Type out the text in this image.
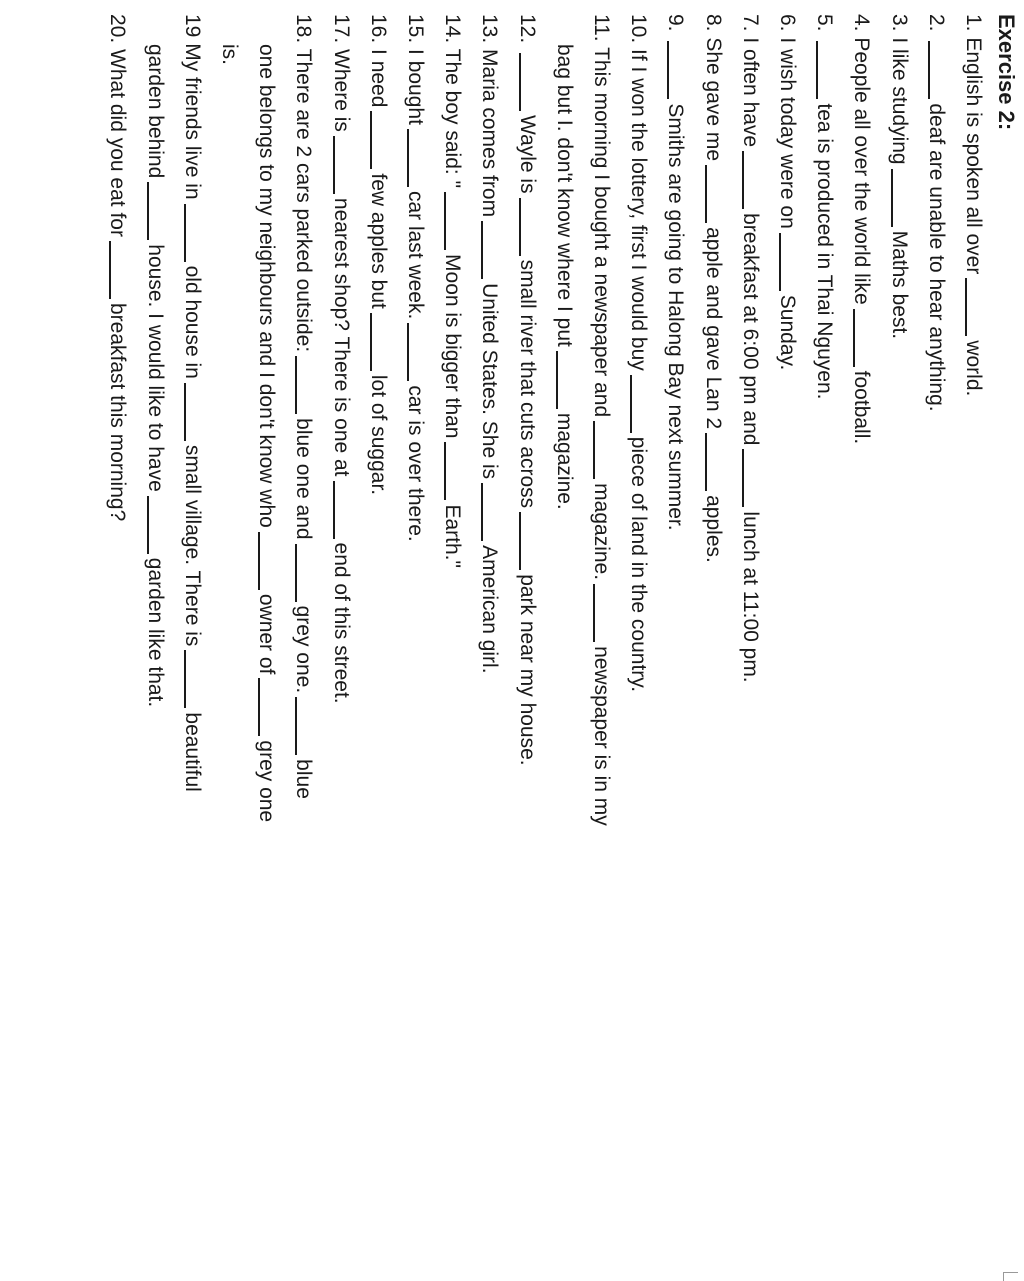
Exercise 2:
1. English is spoken all overworld.
2. deaf are unable to hear anything.
3. I like studyingMaths best.
4. People all over the world likefootball.
5. tea is produced in Thai Nguyen.
6. I wish today were onSunday.
7. I often havebreakfast at 6:00 pm andlunch at 11:00 pm.
8. She gave meapple and gave Lan 2apples.
9. Smiths are going to Halong Bay next summer.
10. If I won the lottery, first I would buypiece of land in the country.
11. This morning I bought a newspaper andmagazine.newspaper is in my
bag but I. don't know where I putmagazine.
12. Wayle issmall river that cuts acrosspark near my house.
13. Maria comes fromUnited States. She isAmerican girl.
14. The boy said: "Moon is bigger thanEarth."
15. I boughtcar last week.car is over there.
16. I needfew apples butlot of suggar.
17. Where isnearest shop? There is one atend of this street.
18. There are 2 cars parked outside:blue one andgrey one.blue
one belongs to my neighbours and I don't know whoowner ofgrey one
is.
19 My friends live inold house insmall village. There isbeautiful
garden behindhouse. I would like to havegarden like that.
20. What did you eat forbreakfast this morning?
